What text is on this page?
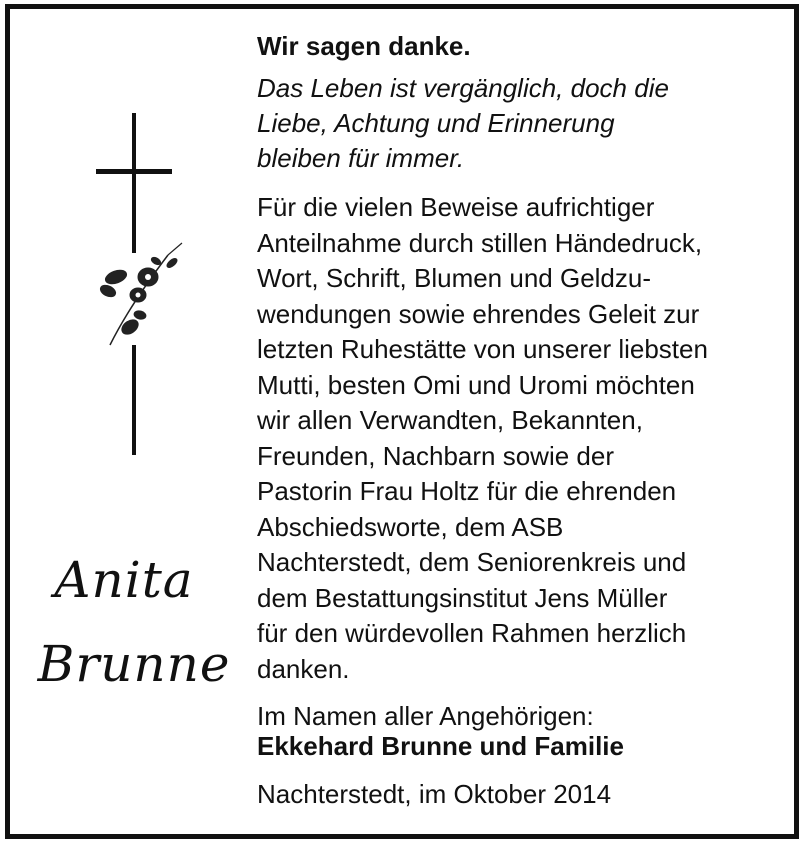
Anita
Brunne
Wir sagen danke.
Das Leben ist vergänglich, doch die
Liebe, Achtung und Erinnerung
bleiben für immer.
Für die vielen Beweise aufrichtiger
Anteilnahme durch stillen Händedruck,
Wort, Schrift, Blumen und Geldzu-
wendungen sowie ehrendes Geleit zur
letzten Ruhestätte von unserer liebsten
Mutti, besten Omi und Uromi möchten
wir allen Verwandten, Bekannten,
Freunden, Nachbarn sowie der
Pastorin Frau Holtz für die ehrenden
Abschiedsworte, dem ASB
Nachterstedt, dem Seniorenkreis und
dem Bestattungsinstitut Jens Müller
für den würdevollen Rahmen herzlich
danken.
Im Namen aller Angehörigen:
Ekkehard Brunne und Familie
Nachterstedt, im Oktober 2014
